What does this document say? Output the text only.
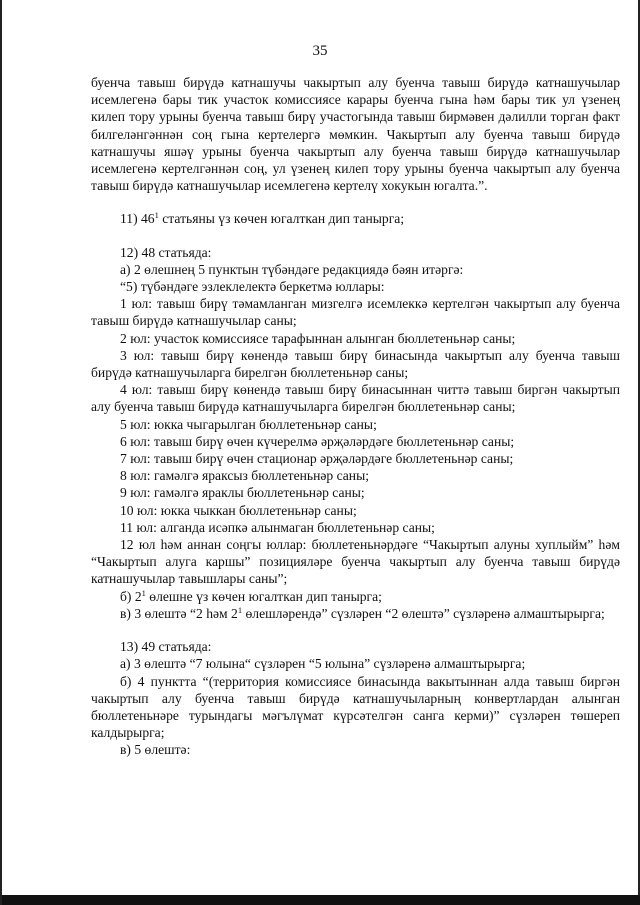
35

буенча тавыш бирүдә катнашучы чакыртып алу буенча тавыш бирүдә катнашучылар исемлегенә бары тик участок комиссиясе карары буенча гына һәм бары тик ул үзенең килеп тору урыны буенча тавыш бирү участогында тавыш бирмәвен дәлилли торган факт билгеләнгәннән соң гына кертелергә мөмкин. Чакыртып алу буенча тавыш бирүдә катнашучы яшәү урыны буенча чакыртып алу буенча тавыш бирүдә катнашучылар исемлегенә кертелгәннән соң, ул үзенең килеп тору урыны буенча чакыртып алу буенча тавыш бирүдә катнашучылар исемлегенә кертелү хокукын югалта.”.

11) $46^1$ статьяны үз көчен югалткан дип танырга;

12) 48 статьяда:

а) 2 өлешнең 5 пунктын түбәндәге редакциядә бәян итәргә:

“5) түбәндәге эзлеклелектә беркетмә юллары:

1 юл: тавыш бирү тәмамланган мизгелгә исемлеккә кертелгән чакыртып алу буенча тавыш бирүдә катнашучылар саны;

2 юл: участок комиссиясе тарафыннан алынган бюллетеньнәр саны;

3 юл: тавыш бирү көнендә тавыш бирү бинасында чакыртып алу буенча тавыш бирүдә катнашучыларга бирелгән бюллетеньнәр саны;

4 юл: тавыш бирү көнендә тавыш бирү бинасыннан читтә тавыш биргән чакыртып алу буенча тавыш бирүдә катнашучыларга бирелгән бюллетеньнәр саны;

5 юл: юкка чыгарылган бюллетеньнәр саны;

6 юл: тавыш бирү өчен күчерелмә әрҗәләрдәге бюллетеньнәр саны;

7 юл: тавыш бирү өчен стационар әрҗәләрдәге бюллетеньнәр саны;

8 юл: гамәлгә яраксыз бюллетеньнәр саны;

9 юл: гамәлгә яраклы бюллетеньнәр саны;

10 юл: юкка чыккан бюллетеньнәр саны;

11 юл: алганда исәпкә алынмаган бюллетеньнәр саны;

12 юл һәм аннан соңгы юллар: бюллетеньнәрдәге “Чакыртып алуны хуплыйм” һәм “Чакыртып алуга каршы” позицияләре буенча чакыртып алу буенча тавыш бирүдә катнашучылар тавышлары саны”;

б) $2^1$ өлешне үз көчен югалткан дип танырга;

в) 3 өлештә “2 һәм $2^1$ өлешләрендә” сүзләрен “2 өлештә” сүзләренә алмаштырырга;

13) 49 статьяда:

а) 3 өлештә “7 юлына“ сүзләрен “5 юлына” сүзләренә алмаштырырга;

б) 4 пунктта “(территория комиссиясе бинасында вакытыннан алда тавыш биргән чакыртып алу буенча тавыш бирүдә катнашучыларның конвертлардан алынган бюллетеньнәре турындагы мәгълүмат күрсәтелгән санга керми)” сүзләрен төшереп калдырырга;

в) 5 өлештә:
